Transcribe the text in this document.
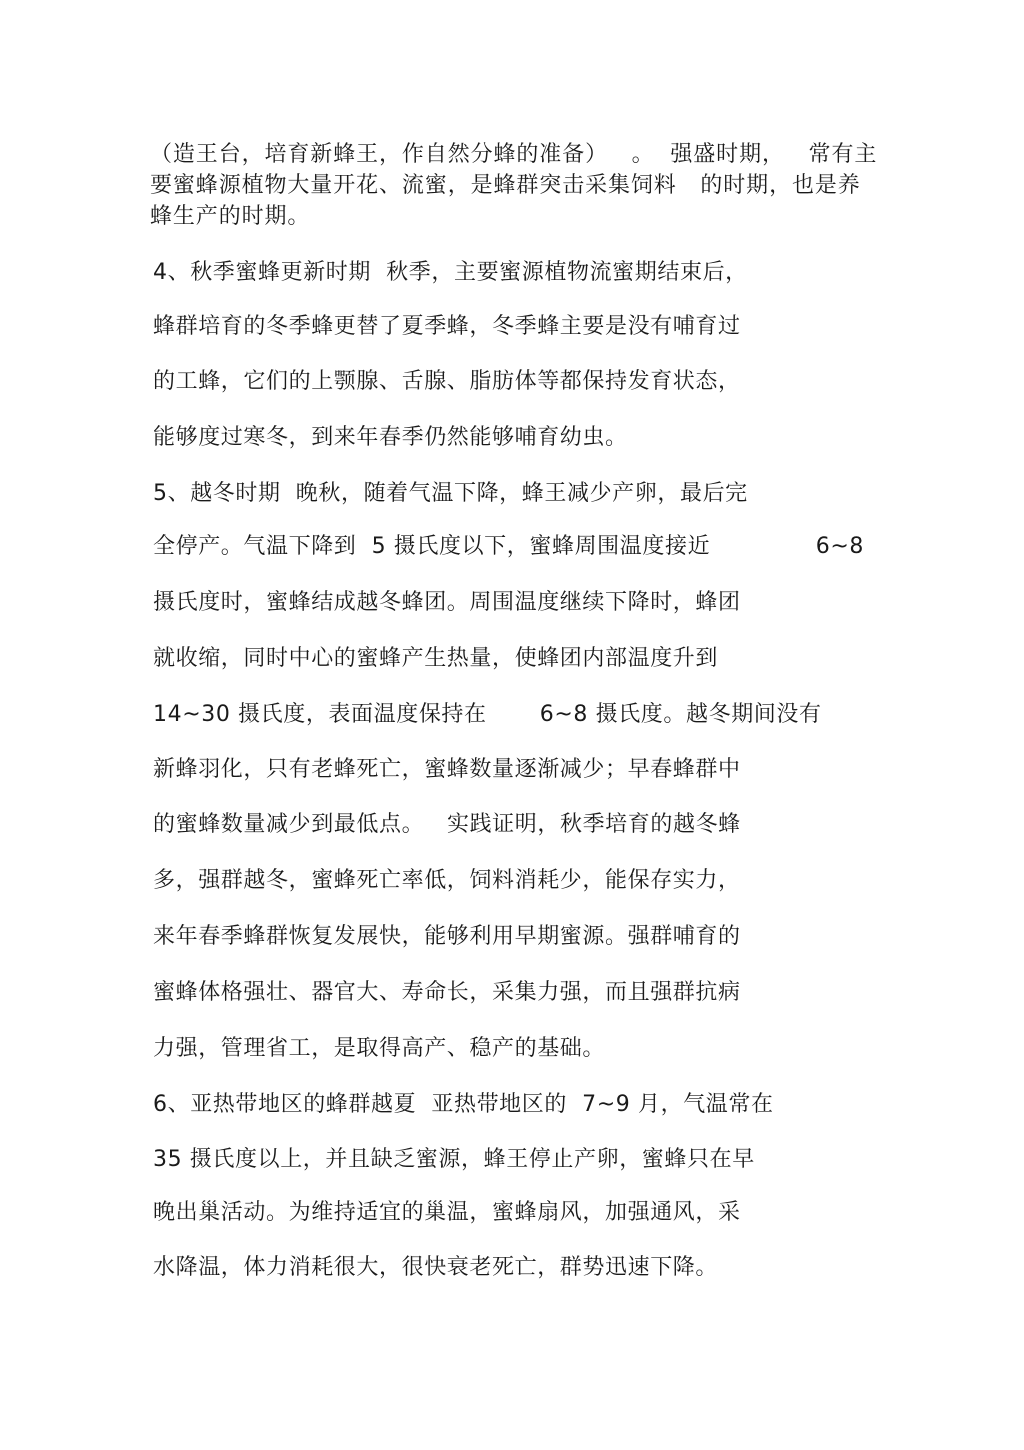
（造王台，培育新蜂王，作自然分蜂的准备）   。  强盛时期，   常有主
要蜜蜂源植物大量开花、流蜜，是蜂群突击采集饲料   的时期，也是养
蜂生产的时期。
4、秋季蜜蜂更新时期  秋季，主要蜜源植物流蜜期结束后，
蜂群培育的冬季蜂更替了夏季蜂，冬季蜂主要是没有哺育过
的工蜂，它们的上颚腺、舌腺、脂肪体等都保持发育状态，
能够度过寒冬，到来年春季仍然能够哺育幼虫。
5、越冬时期  晚秋，随着气温下降，蜂王减少产卵，最后完
全停产。气温下降到  5 摄氏度以下，蜜蜂周围温度接近	6~8
摄氏度时，蜜蜂结成越冬蜂团。周围温度继续下降时，蜂团
就收缩，同时中心的蜜蜂产生热量，使蜂团内部温度升到
14~30 摄氏度，表面温度保持在       6~8 摄氏度。越冬期间没有
新蜂羽化，只有老蜂死亡，蜜蜂数量逐渐减少；早春蜂群中
的蜜蜂数量减少到最低点。   实践证明，秋季培育的越冬蜂
多，强群越冬，蜜蜂死亡率低，饲料消耗少，能保存实力，
来年春季蜂群恢复发展快，能够利用早期蜜源。强群哺育的
蜜蜂体格强壮、器官大、寿命长，采集力强，而且强群抗病
力强，管理省工，是取得高产、稳产的基础。
6、亚热带地区的蜂群越夏  亚热带地区的  7~9 月，气温常在
35 摄氏度以上，并且缺乏蜜源，蜂王停止产卵，蜜蜂只在早
晚出巢活动。为维持适宜的巢温，蜜蜂扇风，加强通风，采
水降温，体力消耗很大，很快衰老死亡，群势迅速下降。
